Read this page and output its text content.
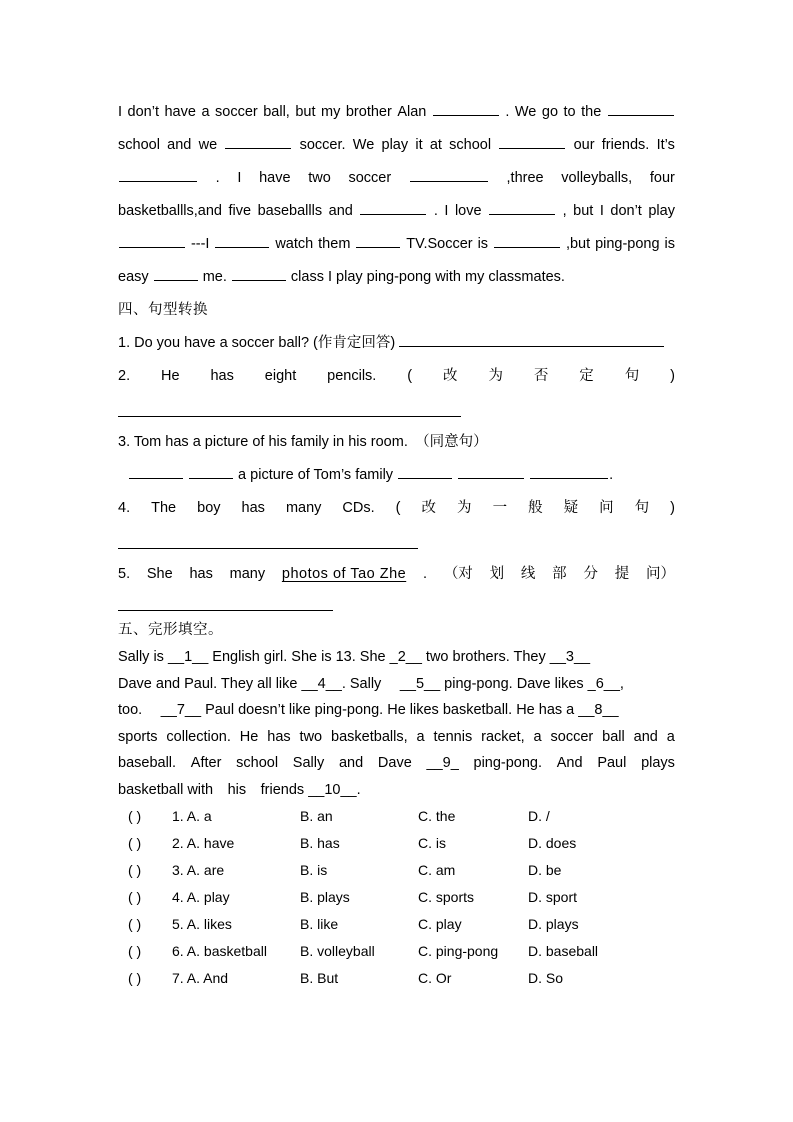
I don’t have a soccer ball, but my brother Alan	. We go to the
school and we	soccer. We play it at school	our friends. It’s
. I have two soccer	,three volleyballs, four
basketballls,and five baseballls and	. I love	, but I don’t play
---I	watch them	TV.Soccer is	,but ping-pong is
easy	me.	class I play ping-pong with my classmates.
四、句型转换
1. Do you have a soccer ball? (作肯定回答)
2. He has eight pencils. ( 改 为 否 定 句 )
3. Tom has a picture of his family in his room.　（同意句）
a picture of Tom’s family	.
4. The boy has many CDs. ( 改 为 一 般 疑 问 句 )
5. She has many photos of Tao Zhe . （对 划 线 部 分 提 问）
五、完形填空。
Sally is __1__ English girl. She is 13. She _2__ two brothers. They __3__
Dave and Paul. They all like __4__. Sally 　__5__ ping-pong. Dave likes _6__,
too. 　__7__ Paul doesn’t like ping-pong. He likes basketball. He has a __8__
sports collection. He has two basketballs, a tennis racket, a soccer ball and a
baseball. After school Sally and Dave __9_ ping-pong. And Paul plays
basketball with　his　friends __10__.
( ) 1. A. a	B. an	C. the	D. /
( ) 2. A. have	B. has	C. is	D. does
( ) 3. A. are	B. is	C. am	D. be
( ) 4. A. play	B. plays	C. sports	D. sport
( ) 5. A. likes	B. like	C. play	D. plays
( ) 6. A. basketball B. volleyball	C. ping-pong D. baseball
( ) 7. A. And	B. But	C. Or	D. So
